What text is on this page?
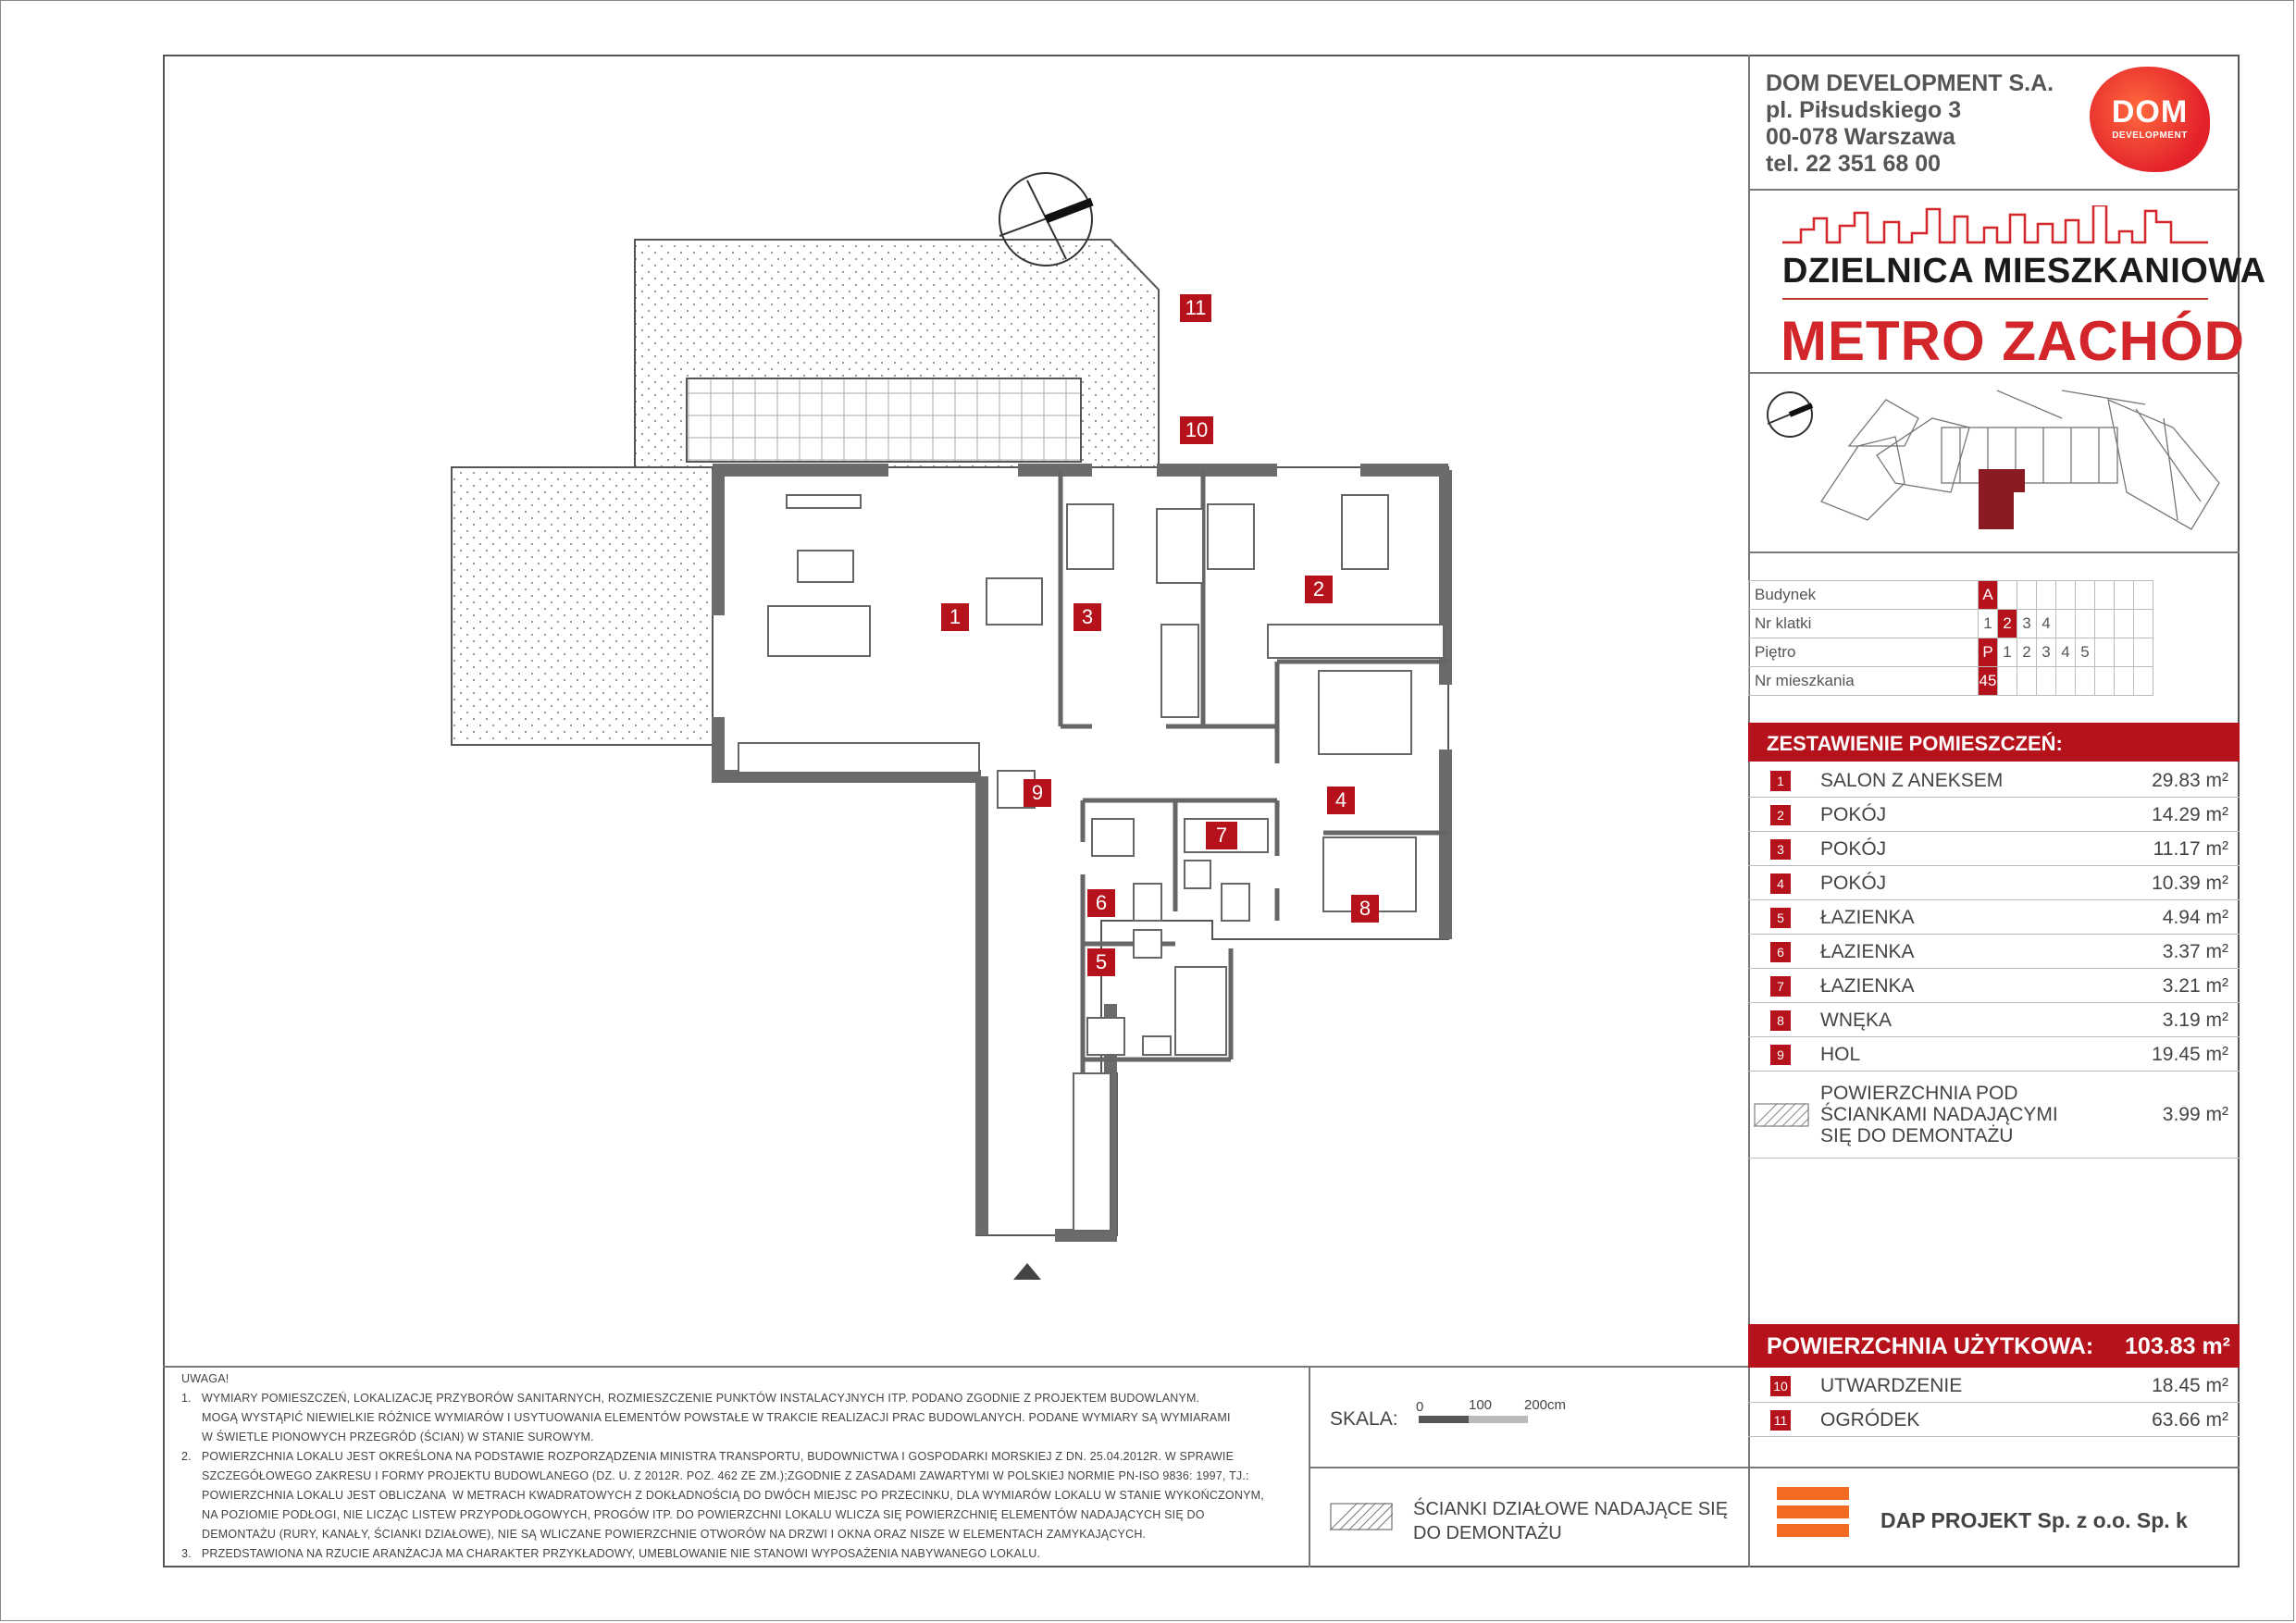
DOM DEVELOPMENT S.A.
pl. Piłsudskiego 3
00-078 Warszawa
tel. 22 351 68 00
DOM
DEVELOPMENT
DZIELNICA MIESZKANIOWA
METRO ZACHÓD
Budynek	A								
Nr klatki	1	2	3	4					
Piętro	P	1	2	3	4	5			
Nr mieszkania	45								
ZESTAWIENIE POMIESZCZEŃ:
1	SALON Z ANEKSEM	29.83 m²
2	POKÓJ	14.29 m²
3	POKÓJ	11.17 m²
4	POKÓJ	10.39 m²
5	ŁAZIENKA	4.94 m²
6	ŁAZIENKA	3.37 m²
7	ŁAZIENKA	3.21 m²
8	WNĘKA	3.19 m²
9	HOL	19.45 m²
POWIERZCHNIA POD
ŚCIANKAMI NADAJĄCYMI
SIĘ DO DEMONTAŻU
3.99 m²
POWIERZCHNIA UŻYTKOWA: 103.83 m²
10 UTWARDZENIE	18.45 m²
11 OGRÓDEK	63.66 m²
UWAGA!
1.   WYMIARY POMIESZCZEŃ, LOKALIZACJĘ PRZYBORÓW SANITARNYCH, ROZMIESZCZENIE PUNKTÓW INSTALACYJNYCH ITP. PODANO ZGODNIE Z PROJEKTEM BUDOWLANYM.
MOGĄ WYSTĄPIĆ NIEWIELKIE RÓŻNICE WYMIARÓW I USYTUOWANIA ELEMENTÓW POWSTAŁE W TRAKCIE REALIZACJI PRAC BUDOWLANYCH. PODANE WYMIARY SĄ WYMIARAMI
W ŚWIETLE PIONOWYCH PRZEGRÓD (ŚCIAN) W STANIE SUROWYM.
2.   POWIERZCHNIA LOKALU JEST OKREŚLONA NA PODSTAWIE ROZPORZĄDZENIA MINISTRA TRANSPORTU, BUDOWNICTWA I GOSPODARKI MORSKIEJ Z DN. 25.04.2012R. W SPRAWIE
SZCZEGÓŁOWEGO ZAKRESU I FORMY PROJEKTU BUDOWLANEGO (DZ. U. Z 2012R. POZ. 462 ZE ZM.);ZGODNIE Z ZASADAMI ZAWARTYMI W POLSKIEJ NORMIE PN-ISO 9836: 1997, TJ.:
POWIERZCHNIA LOKALU JEST OBLICZANA  W METRACH KWADRATOWYCH Z DOKŁADNOŚCIĄ DO DWÓCH MIEJSC PO PRZECINKU, DLA WYMIARÓW LOKALU W STANIE WYKOŃCZONYM,
NA POZIOMIE PODŁOGI, NIE LICZĄC LISTEW PRZYPODŁOGOWYCH, PROGÓW ITP. DO POWIERZCHNI LOKALU WLICZA SIĘ POWIERZCHNIĘ ELEMENTÓW NADAJĄCYCH SIĘ DO
DEMONTAŻU (RURY, KANAŁY, ŚCIANKI DZIAŁOWE), NIE SĄ WLICZANE POWIERZCHNIE OTWORÓW NA DRZWI I OKNA ORAZ NISZE W ELEMENTACH ZAMYKAJĄCYCH.
3.   PRZEDSTAWIONA NA RZUCIE ARANŻACJA MA CHARAKTER PRZYKŁADOWY, UMEBLOWANIE NIE STANOWI WYPOSAŻENIA NABYWANEGO LOKALU.
SKALA:
0	100 200cm
ŚCIANKI DZIAŁOWE NADAJĄCE SIĘ
DO DEMONTAŻU
DAP PROJEKT Sp. z o.o. Sp. k
1
2
3
4
5
6
7
8
9
10
11
